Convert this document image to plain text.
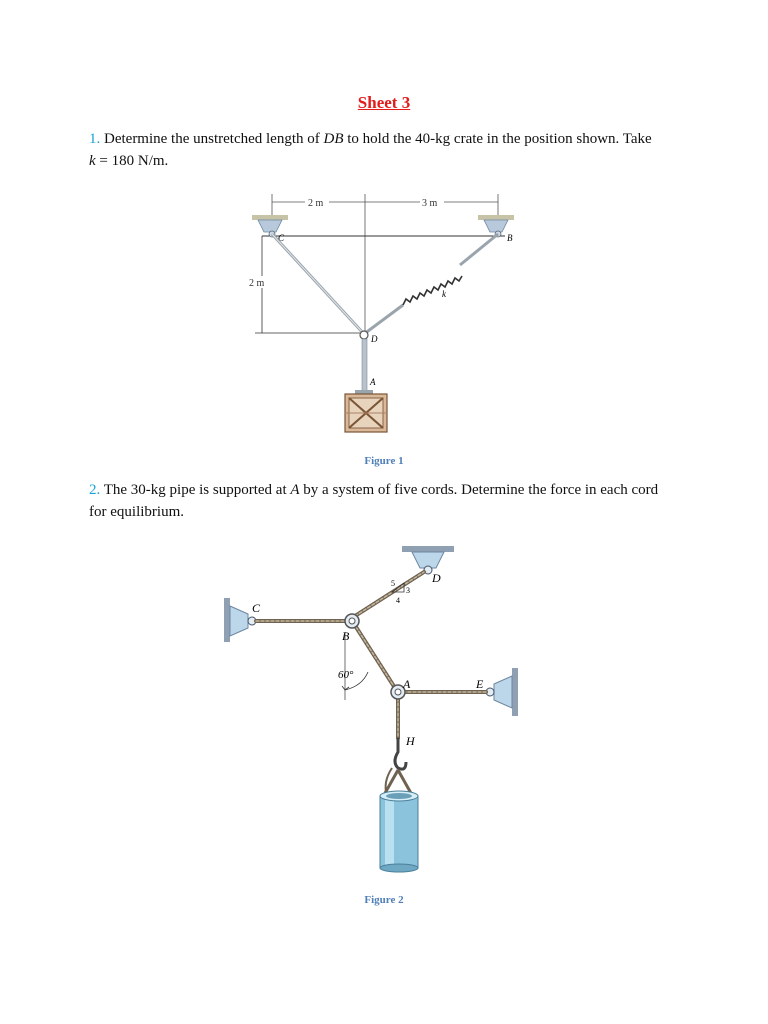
Sheet 3
1. Determine the unstretched length of DB to hold the 40-kg crate in the position shown. Take
k = 180 N/m.
2 m	3 m
2 m
C	B
k
D
A
Figure 1
2. The 30-kg pipe is supported at A by a system of five cords. Determine the force in each cord for equilibrium.
D
C
E
B
A
5
3
4
60°
H
Figure 2
